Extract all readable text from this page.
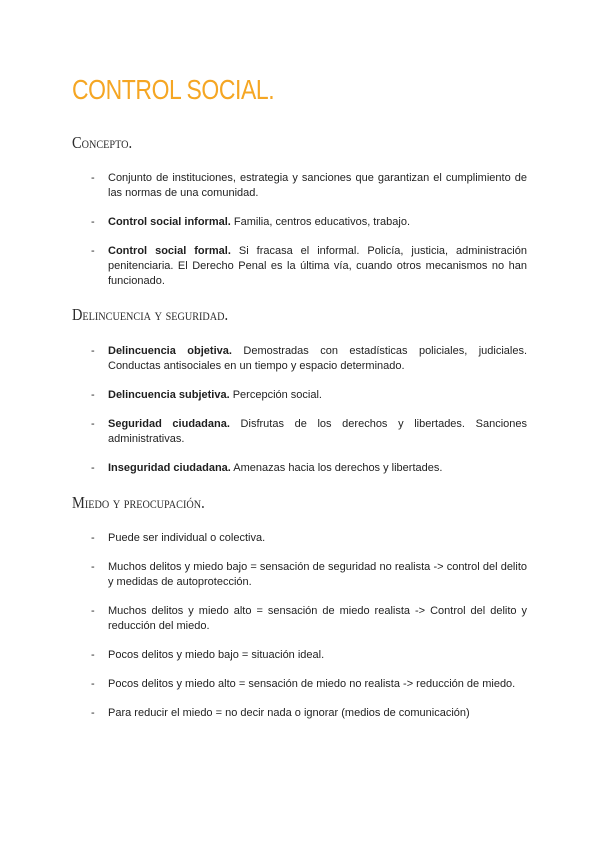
CONTROL SOCIAL.
Concepto.
- Conjunto de instituciones, estrategia y sanciones que garantizan el cumplimiento de las normas de una comunidad.
- Control social informal. Familia, centros educativos, trabajo.
- Control social formal. Si fracasa el informal. Policía, justicia, administración penitenciaria. El Derecho Penal es la última vía, cuando otros mecanismos no han funcionado.
Delincuencia y seguridad.
- Delincuencia objetiva. Demostradas con estadísticas policiales, judiciales. Conductas antisociales en un tiempo y espacio determinado.
- Delincuencia subjetiva. Percepción social.
- Seguridad ciudadana. Disfrutas de los derechos y libertades. Sanciones administrativas.
- Inseguridad ciudadana. Amenazas hacia los derechos y libertades.
Miedo y preocupación.
- Puede ser individual o colectiva.
- Muchos delitos y miedo bajo = sensación de seguridad no realista -> control del delito y medidas de autoprotección.
- Muchos delitos y miedo alto = sensación de miedo realista -> Control del delito y reducción del miedo.
- Pocos delitos y miedo bajo = situación ideal.
- Pocos delitos y miedo alto = sensación de miedo no realista -> reducción de miedo.
- Para reducir el miedo = no decir nada o ignorar (medios de comunicación)
